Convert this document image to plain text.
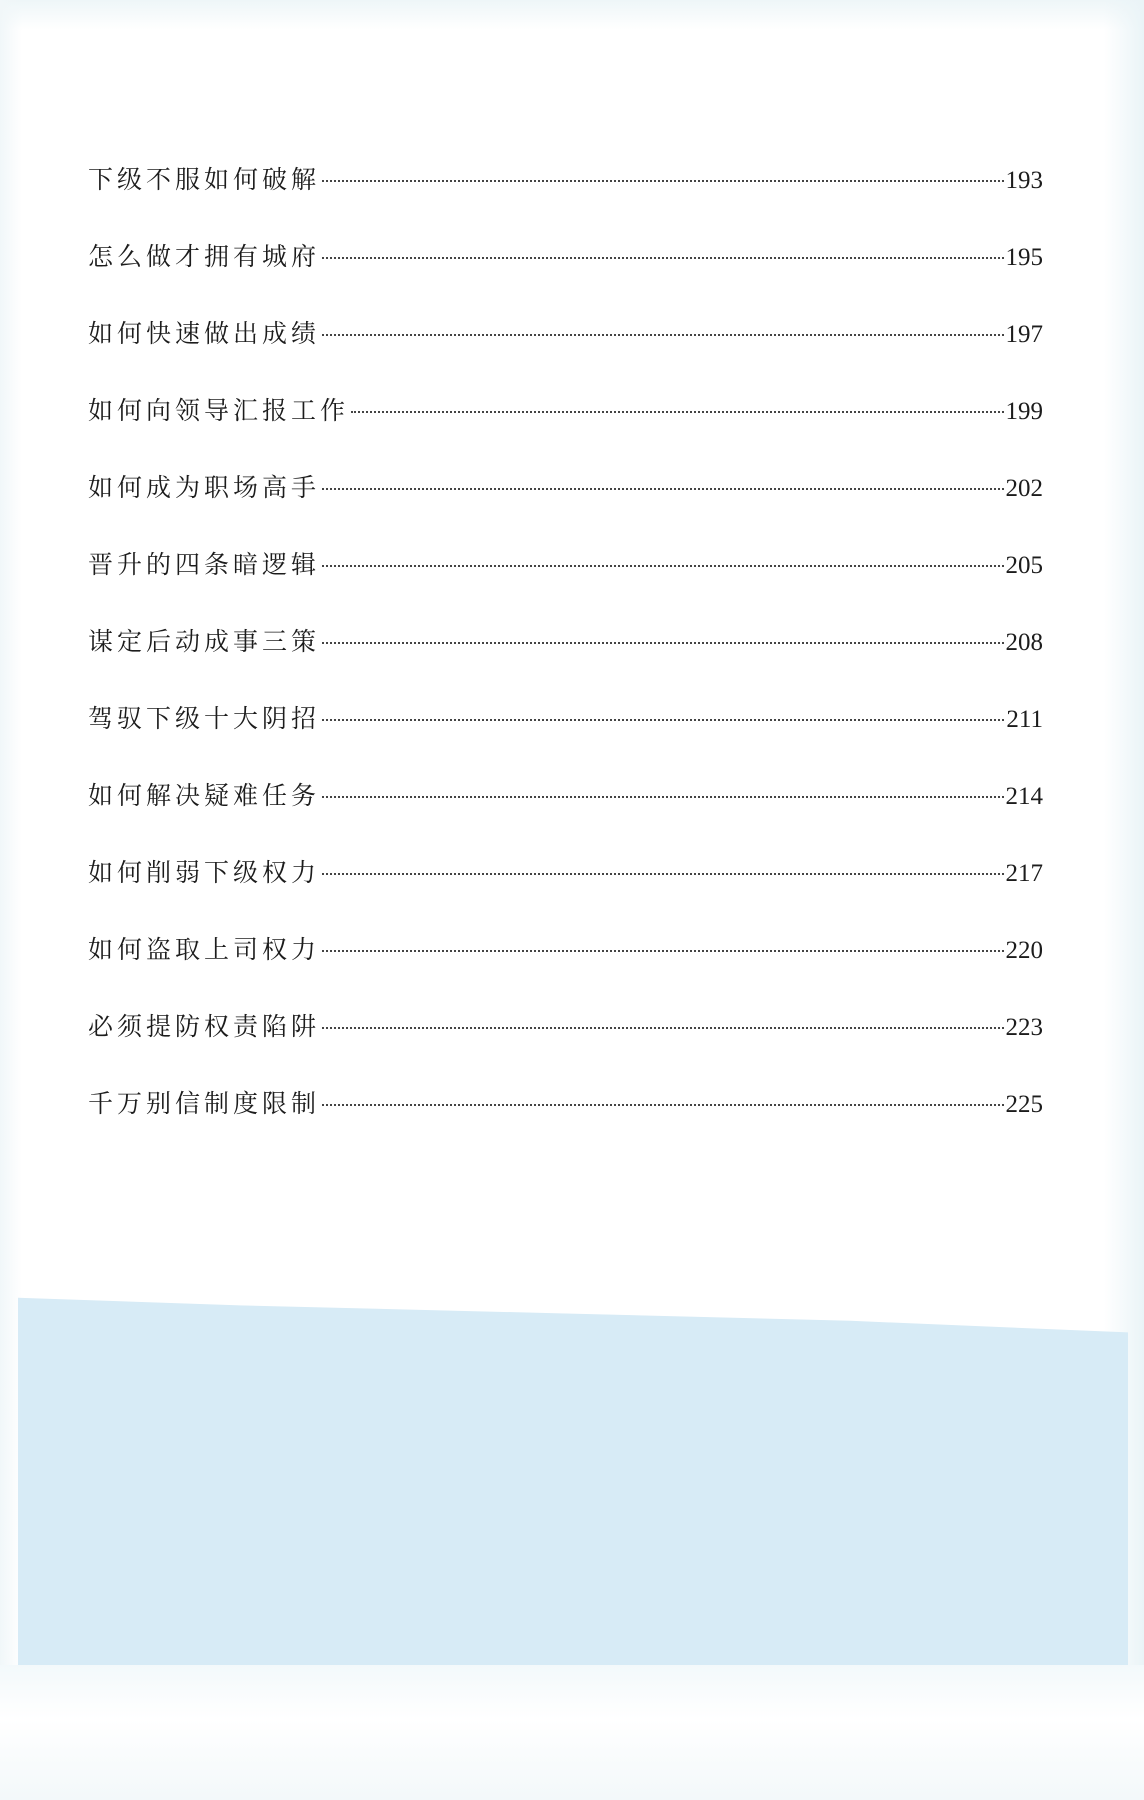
下级不服如何破解	193
怎么做才拥有城府	195
如何快速做出成绩	197
如何向领导汇报工作	199
如何成为职场高手	202
晋升的四条暗逻辑	205
谋定后动成事三策	208
驾驭下级十大阴招	211
如何解决疑难任务	214
如何削弱下级权力	217
如何盗取上司权力	220
必须提防权责陷阱	223
千万别信制度限制	225
